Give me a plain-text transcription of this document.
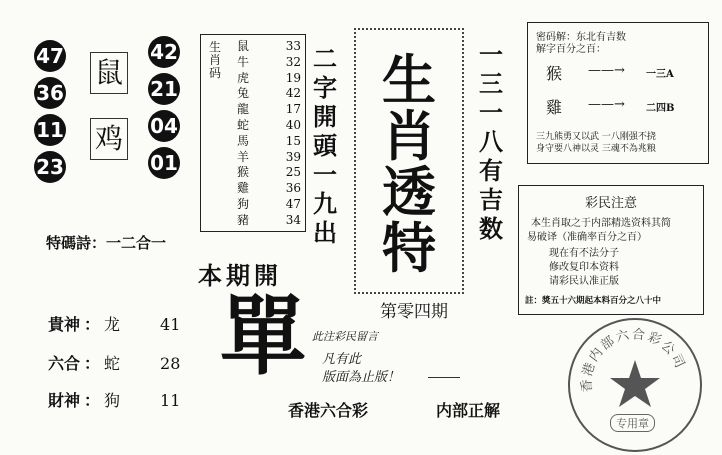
47
36
11
23
鼠
鸡
42
21
04
01
生
肖
码
鼠	33
牛	32
虎	19
兔	42
龍	17
蛇	40
馬	15
羊	39
猴	25
雞	36
狗	47
豬	34
二
字
開
頭
一
九
出
生
肖
透
特
一
三
一
八
有
吉
数
密码解：东北有吉数
解字百分之百：
猴 ——→ 一三A
雞 ——→ 二四B
三九熊勇又以武 一八刚强不挠
身守要八神以灵 三魂不為兆粮
彩民注意
本生肖取之于内部精选资料其简
易破译（准确率百分之百）
现在有不法分子
修改复印本资料
请彩民认准正版
註：獎五十六期起本料百分之八十中
特碼詩：一二合一
本期開
單	第零四期
此注彩民留言
凡有此
版面為止版！
香港六合彩	内部正解
貴神 ： 龙 41
六合 ： 蛇 28
財神 ： 狗 11
香港内部六合彩公司
专用章
